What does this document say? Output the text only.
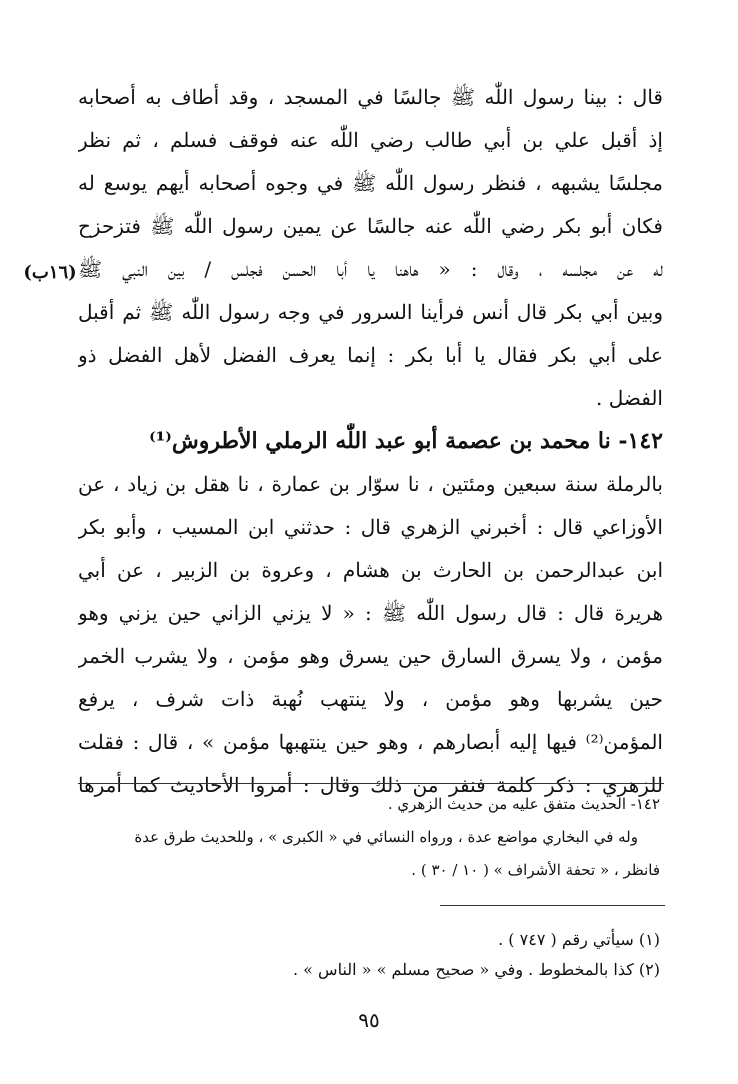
قال : بينا رسول اللّٰه ﷺ جالسًا في المسجد ، وقد أطاف به أصحابه
إذ أقبل علي بن أبي طالب رضي اللّٰه عنه فوقف فسلم ، ثم نظر
مجلسًا يشبهه ، فنظر رسول اللّٰه ﷺ في وجوه أصحابه أيهم يوسع له
فكان أبو بكر رضي اللّٰه عنه جالسًا عن يمين رسول اللّٰه ﷺ فتزحزح
له عن مجلسه ، وقال : « هاهنا يا أبا الحسن فجلس / بين النبي ﷺ
وبين أبي بكر قال أنس فرأينا السرور في وجه رسول اللّٰه ﷺ ثم أقبل
على أبي بكر فقال يا أبا بكر : إنما يعرف الفضل لأهل الفضل ذو
الفضل .
(١٦ب)
١٤٢- نا محمد بن عصمة أبو عبد اللّٰه الرملي الأطروش⁽¹⁾
بالرملة سنة سبعين ومئتين ، نا سوّار بن عمارة ، نا هقل بن زياد ، عن
الأوزاعي قال : أخبرني الزهري قال : حدثني ابن المسيب ، وأبو بكر
ابن عبدالرحمن بن الحارث بن هشام ، وعروة بن الزبير ، عن أبي
هريرة قال : قال رسول اللّٰه ﷺ : « لا يزني الزاني حين يزني وهو
مؤمن ، ولا يسرق السارق حين يسرق وهو مؤمن ، ولا يشرب الخمر
حين يشربها وهو مؤمن ، ولا ينتهب نُهبة ذات شرف ، يرفع
المؤمن⁽²⁾ فيها إليه أبصارهم ، وهو حين ينتهبها مؤمن » ، قال : فقلت
للزهري : ذكر كلمة فنفر من ذلك وقال : أمروا الأحاديث كما أمرها
١٤٢- الحديث متفق عليه من حديث الزهري .
وله في البخاري مواضع عدة ، ورواه النسائي في « الكبرى » ، وللحديث طرق عدة
فانظر ، « تحفة الأشراف » ( ١٠ / ٣٠ ) .
(١) سيأتي رقم ( ٧٤٧ ) .
(٢) كذا بالمخطوط . وفي « صحيح مسلم » « الناس » .
٩٥
